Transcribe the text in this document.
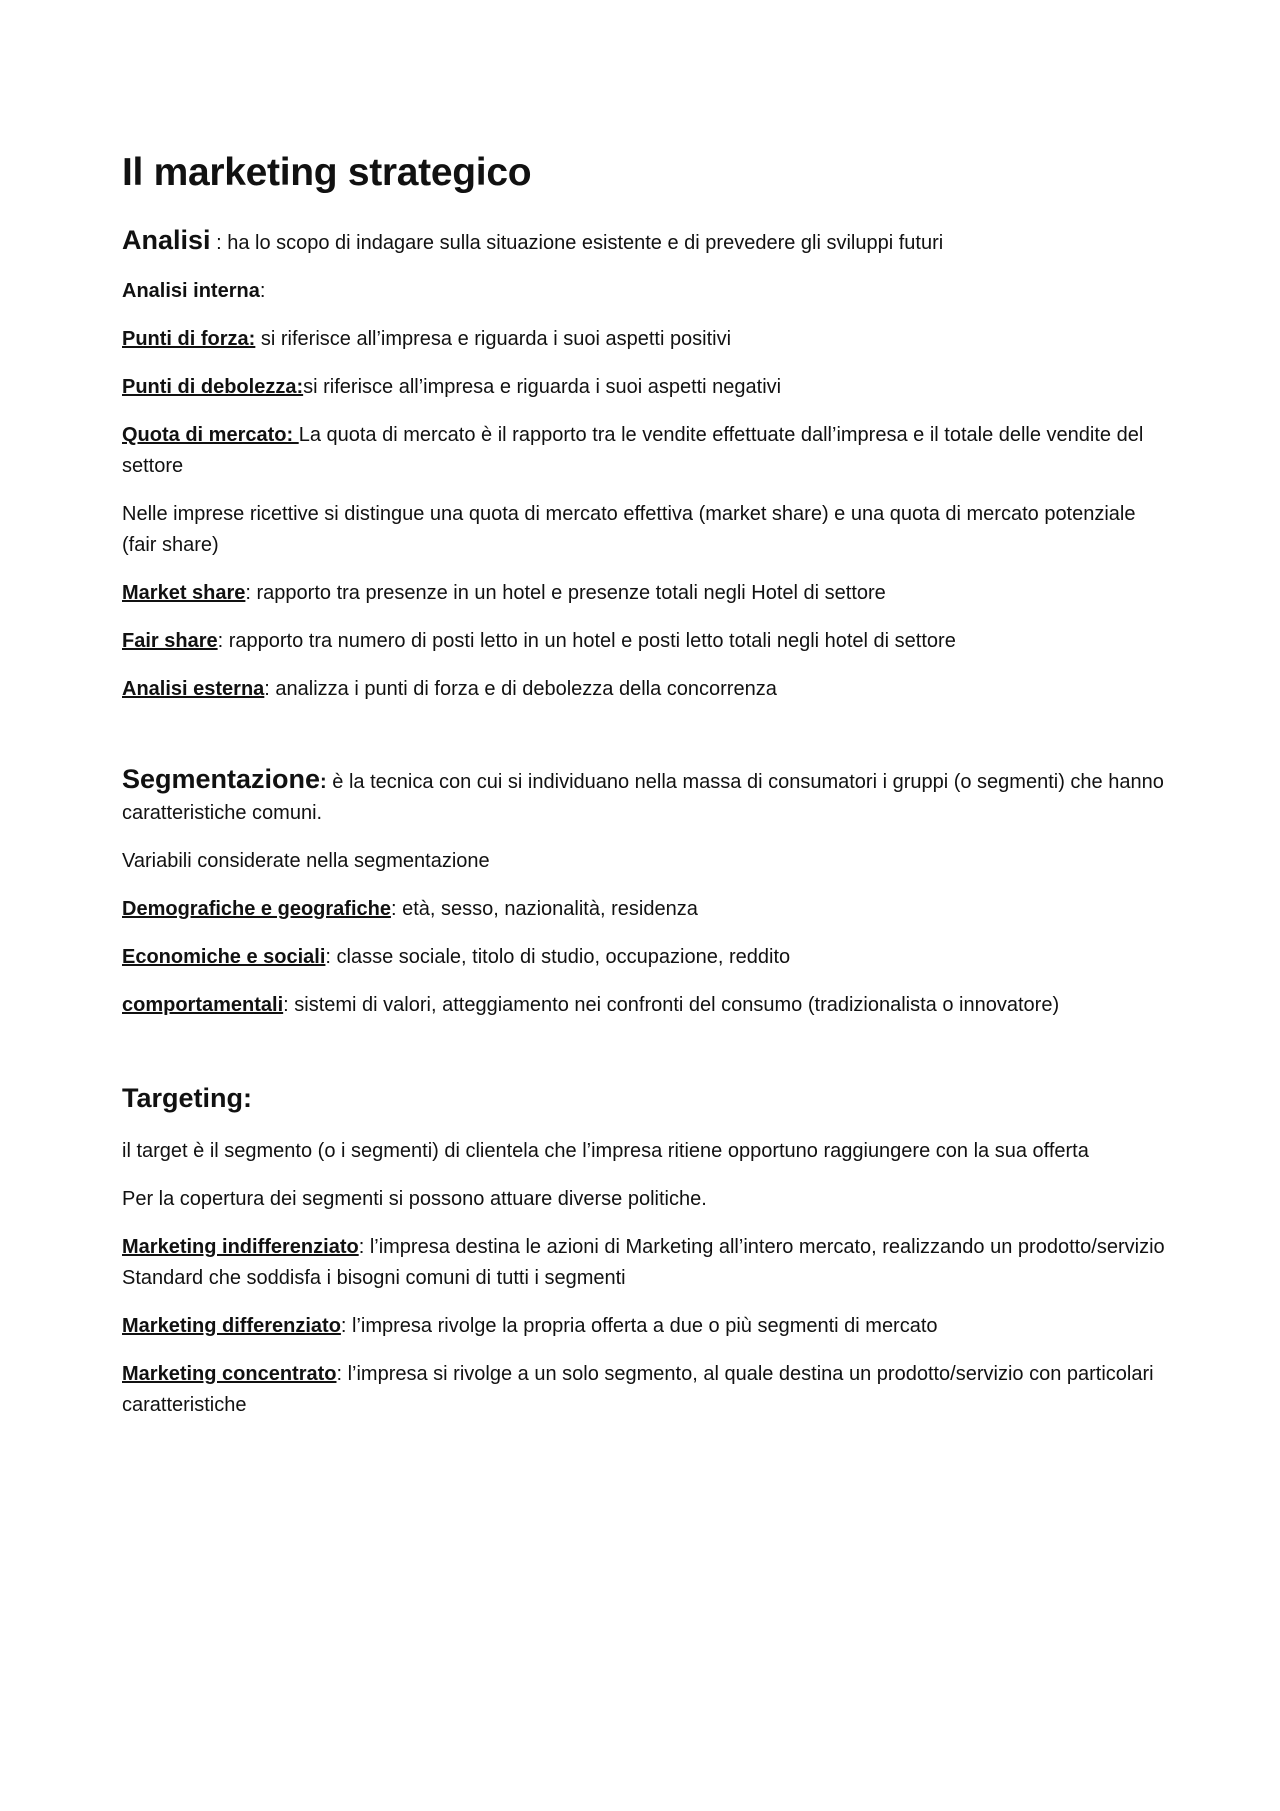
Il marketing strategico

Analisi : ha lo scopo di indagare sulla situazione esistente e di prevedere gli sviluppi futuri

Analisi interna:

Punti di forza: si riferisce all’impresa e riguarda i suoi aspetti positivi

Punti di debolezza:si riferisce all’impresa e riguarda i suoi aspetti negativi

Quota di mercato: La quota di mercato è il rapporto tra le vendite effettuate dall’impresa e il totale delle vendite del settore

Nelle imprese ricettive si distingue una quota di mercato effettiva (market share) e una quota di mercato potenziale (fair share)

Market share: rapporto tra presenze in un hotel e presenze totali negli Hotel di settore

Fair share: rapporto tra numero di posti letto in un hotel e posti letto totali negli hotel di settore

Analisi esterna: analizza i punti di forza e di debolezza della concorrenza

Segmentazione: è la tecnica con cui si individuano nella massa di consumatori i gruppi (o segmenti) che hanno caratteristiche comuni.

Variabili considerate nella segmentazione

Demografiche e geografiche: età, sesso, nazionalità, residenza

Economiche e sociali: classe sociale, titolo di studio, occupazione, reddito

comportamentali: sistemi di valori, atteggiamento nei confronti del consumo (tradizionalista o innovatore)

Targeting:

il target è il segmento (o i segmenti) di clientela che l’impresa ritiene opportuno raggiungere con la sua offerta

Per la copertura dei segmenti si possono attuare diverse politiche.

Marketing indifferenziato: l’impresa destina le azioni di Marketing all’intero mercato, realizzando un prodotto/servizio Standard che soddisfa i bisogni comuni di tutti i segmenti

Marketing differenziato: l’impresa rivolge la propria offerta a due o più segmenti di mercato

Marketing concentrato: l’impresa si rivolge a un solo segmento, al quale destina un prodotto/servizio con particolari caratteristiche
